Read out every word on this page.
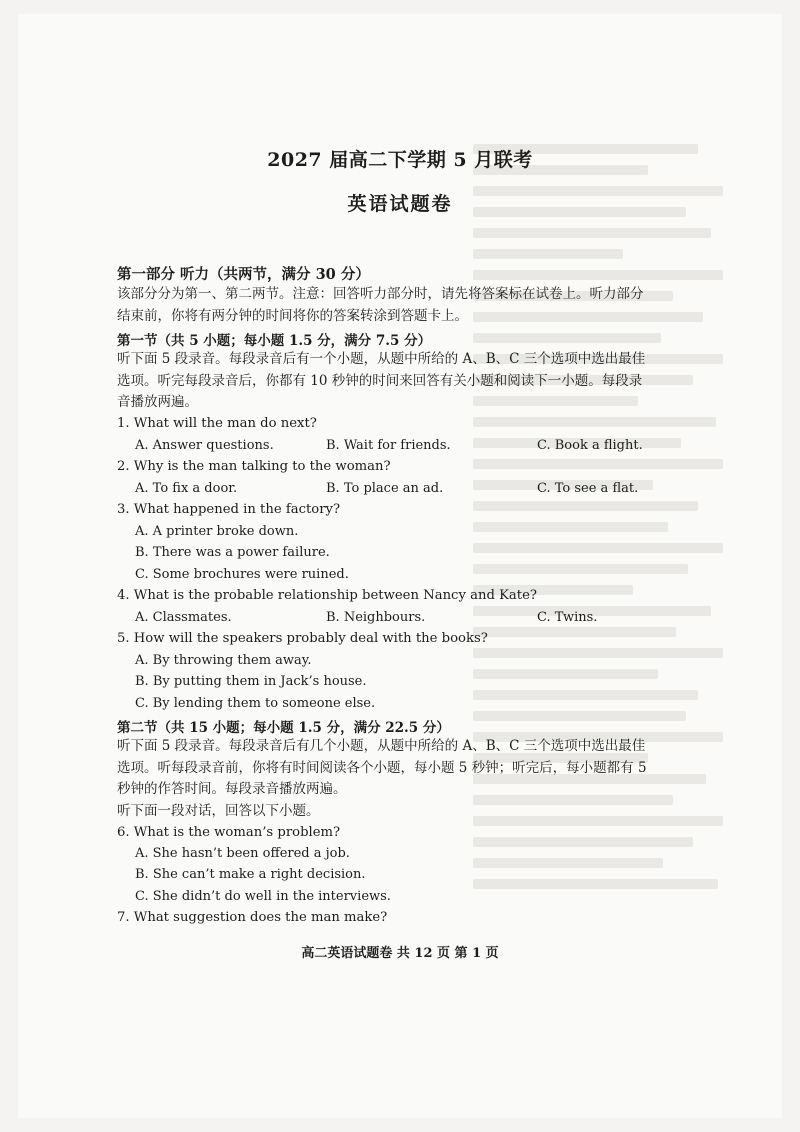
2027 届高二下学期 5 月联考
英语试题卷
第一部分 听力（共两节，满分 30 分）
该部分分为第一、第二两节。注意：回答听力部分时，请先将答案标在试卷上。听力部分结束前，你将有两分钟的时间将你的答案转涂到答题卡上。
第一节（共 5 小题；每小题 1.5 分，满分 7.5 分）
听下面 5 段录音。每段录音后有一个小题，从题中所给的 A、B、C 三个选项中选出最佳选项。听完每段录音后，你都有 10 秒钟的时间来回答有关小题和阅读下一小题。每段录音播放两遍。
1. What will the man do next?
A. Answer questions.	B. Wait for friends.	C. Book a flight.
2. Why is the man talking to the woman?
A. To fix a door.	B. To place an ad.	C. To see a flat.
3. What happened in the factory?
A. A printer broke down.
B. There was a power failure.
C. Some brochures were ruined.
4. What is the probable relationship between Nancy and Kate?
A. Classmates.	B. Neighbours.	C. Twins.
5. How will the speakers probably deal with the books?
A. By throwing them away.
B. By putting them in Jack’s house.
C. By lending them to someone else.
第二节（共 15 小题；每小题 1.5 分，满分 22.5 分）
听下面 5 段录音。每段录音后有几个小题，从题中所给的 A、B、C 三个选项中选出最佳选项。听每段录音前，你将有时间阅读各个小题，每小题 5 秒钟；听完后，每小题都有 5 秒钟的作答时间。每段录音播放两遍。
听下面一段对话，回答以下小题。
6. What is the woman’s problem?
A. She hasn’t been offered a job.
B. She can’t make a right decision.
C. She didn’t do well in the interviews.
7. What suggestion does the man make?
高二英语试题卷 共 12 页 第 1 页
